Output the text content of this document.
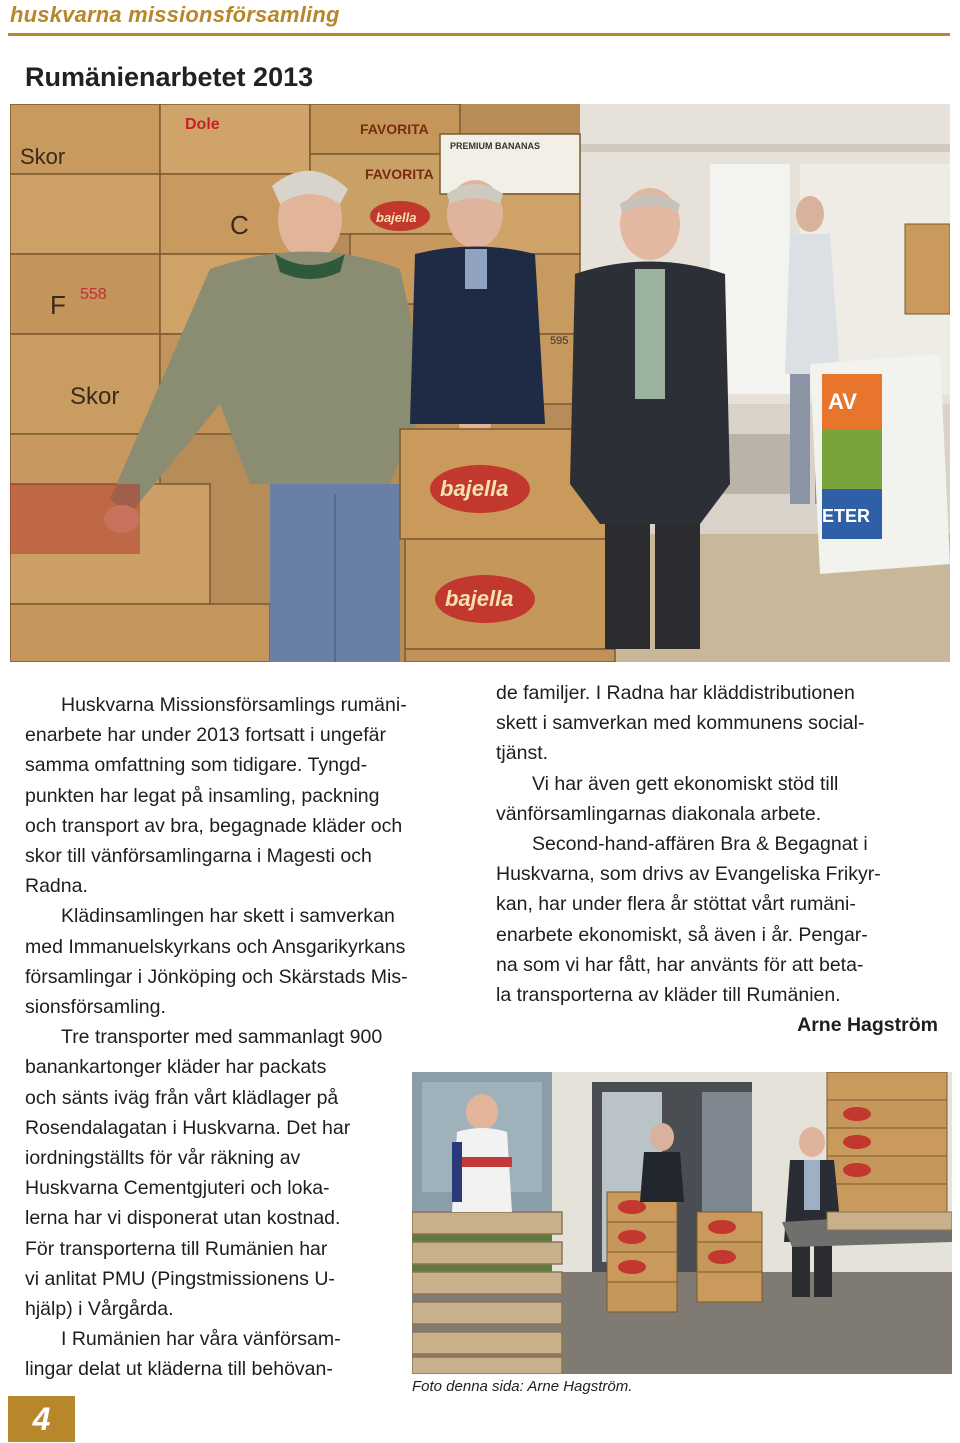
huskvarna missionsförsamling
Rumänienarbetet 2013
Skor
F
C
Skor
558
Dole	FAVORITA
FAVORITA
PREMIUM BANANAS
595
bajella
bajella
bajella
AV
ETER

Huskvarna Missionsförsamlings rumäni-

enarbete har under 2013 fortsatt i ungefär

samma omfattning som tidigare. Tyngd-

punkten har legat på insamling, packning

och transport av bra, begagnade kläder och

skor till vänförsamlingarna i Magesti och

Radna.

Klädinsamlingen har skett i samverkan

med Immanuelskyrkans och Ansgarikyrkans

församlingar i Jönköping och Skärstads Mis-

sionsförsamling.

Tre transporter med sammanlagt 900

banankartonger kläder har packats

och sänts iväg från vårt klädlager på

Rosendalagatan i Huskvarna. Det har

iordningställts för vår räkning av

Huskvarna Cementgjuteri och loka-

lerna har vi disponerat utan kostnad.

För transporterna till Rumänien har

vi anlitat PMU (Pingstmissionens U-

hjälp) i Vårgårda.

I Rumänien har våra vänförsam-

lingar delat ut kläderna till behövan-

de familjer. I Radna har kläddistributionen

skett i samverkan med kommunens social-

tjänst.

Vi har även gett ekonomiskt stöd till

vänförsamlingarnas diakonala arbete.

Second-hand-affären Bra & Begagnat i

Huskvarna, som drivs av Evangeliska Frikyr-

kan, har under flera år stöttat vårt rumäni-

enarbete ekonomiskt, så även i år. Pengar-

na som vi har fått, har använts för att beta-

la transporterna av kläder till Rumänien.

Arne Hagström

Foto denna sida: Arne Hagström.
4
